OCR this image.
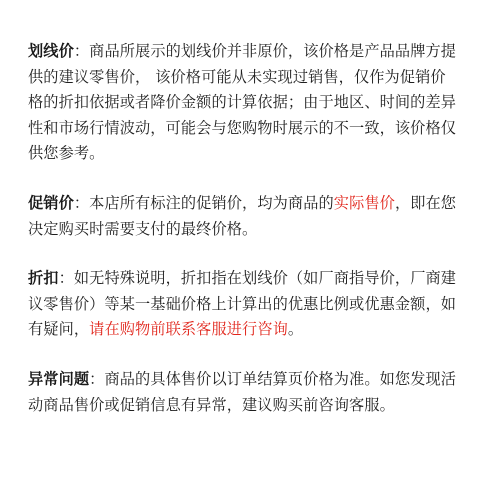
划线价：商品所展示的划线价并非原价，该价格是产品品牌方提供的建议零售价， 该价格可能从未实现过销售，仅作为促销价格的折扣依据或者降价金额的计算依据；由于地区、时间的差异性和市场行情波动，可能会与您购物时展示的不一致，该价格仅供您参考。

促销价：本店所有标注的促销价，均为商品的实际售价，即在您决定购买时需要支付的最终价格。

折扣：如无特殊说明，折扣指在划线价（如厂商指导价，厂商建议零售价）等某一基础价格上计算出的优惠比例或优惠金额，如有疑问，请在购物前联系客服进行咨询。

异常问题：商品的具体售价以订单结算页价格为准。如您发现活动商品售价或促销信息有异常，建议购买前咨询客服。
